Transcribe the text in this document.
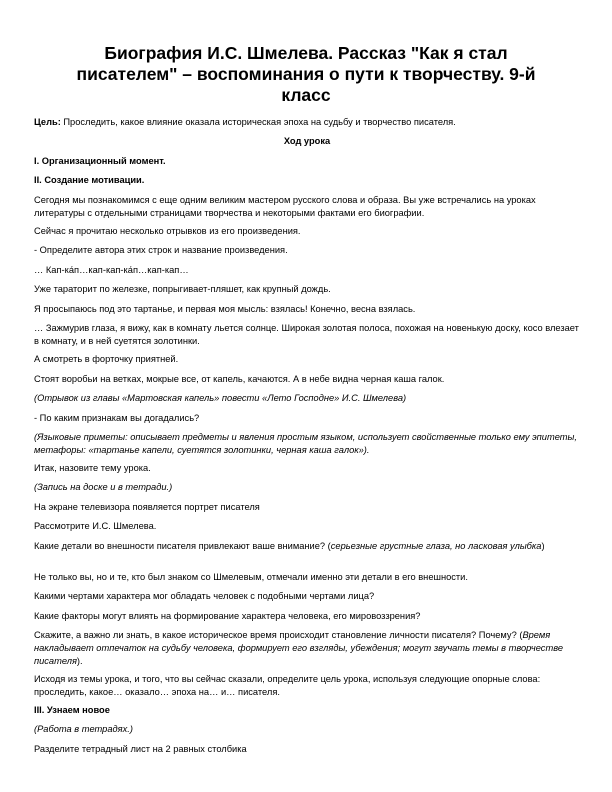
Биография И.С. Шмелева. Рассказ "Как я стал писателем" – воспоминания о пути к творчеству. 9-й класс

Цель: Проследить, какое влияние оказала историческая эпоха на судьбу и творчество писателя.

Ход урока

I. Организационный момент.

II. Создание мотивации.

Сегодня мы познакомимся с еще одним великим мастером русского слова и образа. Вы уже встречались на уроках литературы с отдельными страницами творчества и некоторыми фактами его биографии.

Сейчас я прочитаю несколько отрывков из его произведения.

- Определите автора этих строк и название произведения.

… Кап-ка́п…кап-кап-ка́п…кап-кап…

Уже тараторит по железке, попрыгивает-пляшет, как крупный дождь.

Я просыпаюсь под это тартанье, и первая моя мысль: взялась! Конечно, весна взялась.

… Зажмурив глаза, я вижу, как в комнату льется солнце. Широкая золотая полоса, похожая на новенькую доску, косо влезает в комнату, и в ней суетятся золотинки.

А смотреть в форточку приятней.

Стоят воробьи на ветках, мокрые все, от капель, качаются. А в небе видна черная каша галок.

(Отрывок из главы «Мартовская капель» повести «Лето Господне» И.С. Шмелева)

- По каким признакам вы догадались?

(Языковые приметы: описывает предметы и явления простым языком, использует свойственные только ему эпитеты, метафоры: «тартанье капели, суетятся золотинки, черная каша галок»).

Итак, назовите тему урока.

(Запись на доске и в тетради.)

На экране телевизора появляется портрет писателя

Рассмотрите И.С. Шмелева.

Какие детали во внешности писателя привлекают ваше внимание? (серьезные грустные глаза, но ласковая улыбка)

Не только вы, но и те, кто был знаком со Шмелевым, отмечали именно эти детали в его внешности.

Какими чертами характера мог обладать человек с подобными чертами лица?

Какие факторы могут влиять на формирование характера человека, его мировоззрения?

Скажите, а важно ли знать, в какое историческое время происходит становление личности писателя? Почему? (Время накладывает отпечаток на судьбу человека, формирует его взгляды, убеждения; могут звучать темы в творчестве писателя).

Исходя из темы урока, и того, что вы сейчас сказали, определите цель урока, используя следующие опорные слова: проследить, какое… оказало… эпоха на… и… писателя.

III. Узнаем новое

(Работа в тетрадях.)

Разделите тетрадный лист на 2 равных столбика
